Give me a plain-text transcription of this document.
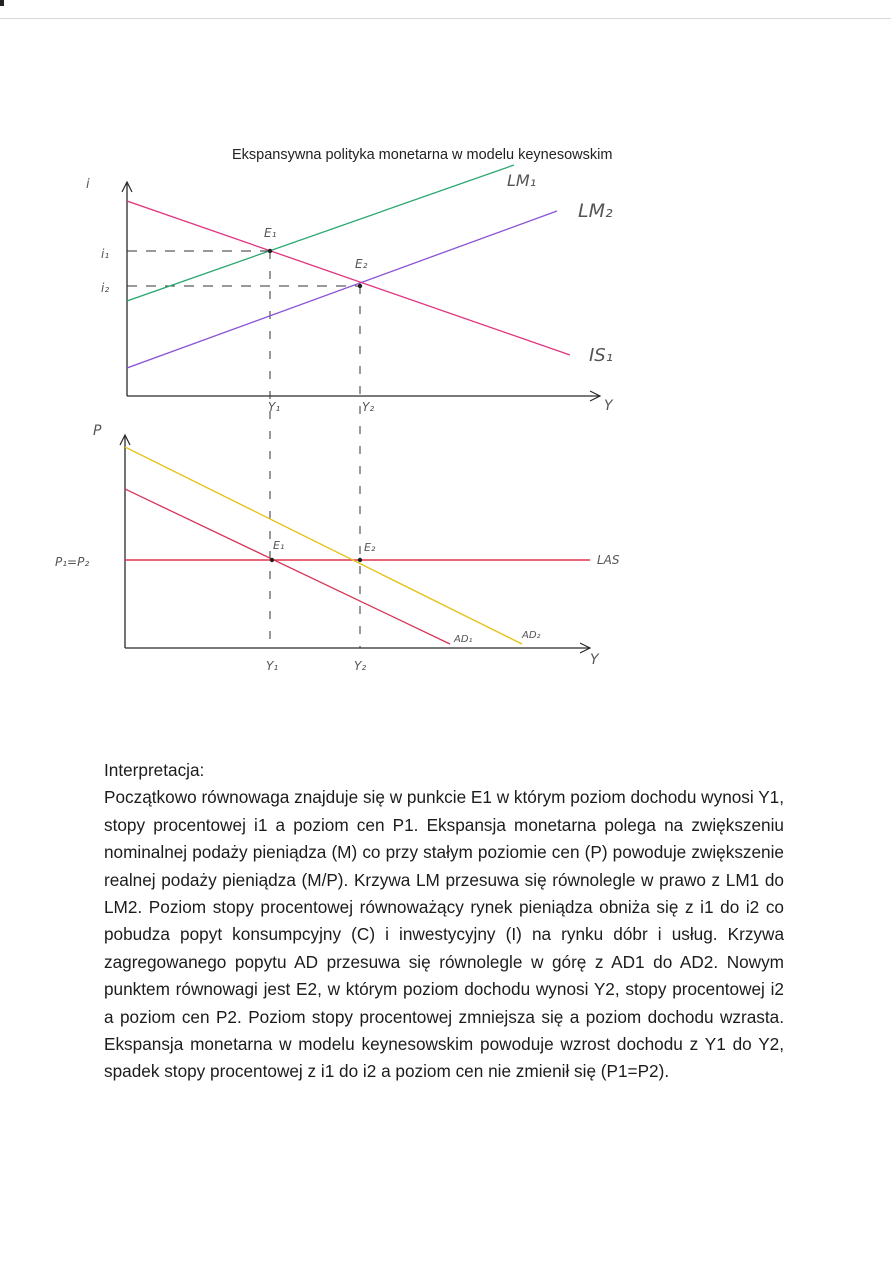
Ekspansywna polityka monetarna w modelu keynesowskim
i
Y
i₁
i₂
Y₁	Y₂
E₁
E₂
LM₁
LM₂
IS₁
P
Y
P₁=P₂
Y₁	Y₂
E₁	E₂
LAS
AD₁	AD₂

Interpretacja:

Początkowo równowaga znajduje się w punkcie E1 w którym poziom dochodu wynosi Y1, stopy procentowej i1 a poziom cen P1. Ekspansja monetarna polega na zwiększeniu nominalnej podaży pieniądza (M) co przy stałym poziomie cen (P) powoduje zwiększenie realnej podaży pieniądza (M/P). Krzywa LM przesuwa się równolegle w prawo z LM1 do LM2. Poziom stopy procentowej równoważący rynek pieniądza obniża się z i1 do i2 co pobudza popyt konsumpcyjny (C) i inwestycyjny (I) na rynku dóbr i usług. Krzywa zagregowanego popytu AD przesuwa się równolegle w górę z AD1 do AD2. Nowym punktem równowagi jest E2, w którym poziom dochodu wynosi Y2, stopy procentowej i2 a poziom cen P2. Poziom stopy procentowej zmniejsza się a poziom dochodu wzrasta. Ekspansja monetarna w modelu keynesowskim powoduje wzrost dochodu z Y1 do Y2, spadek stopy procentowej z i1 do i2 a poziom cen nie zmienił się (P1=P2).
